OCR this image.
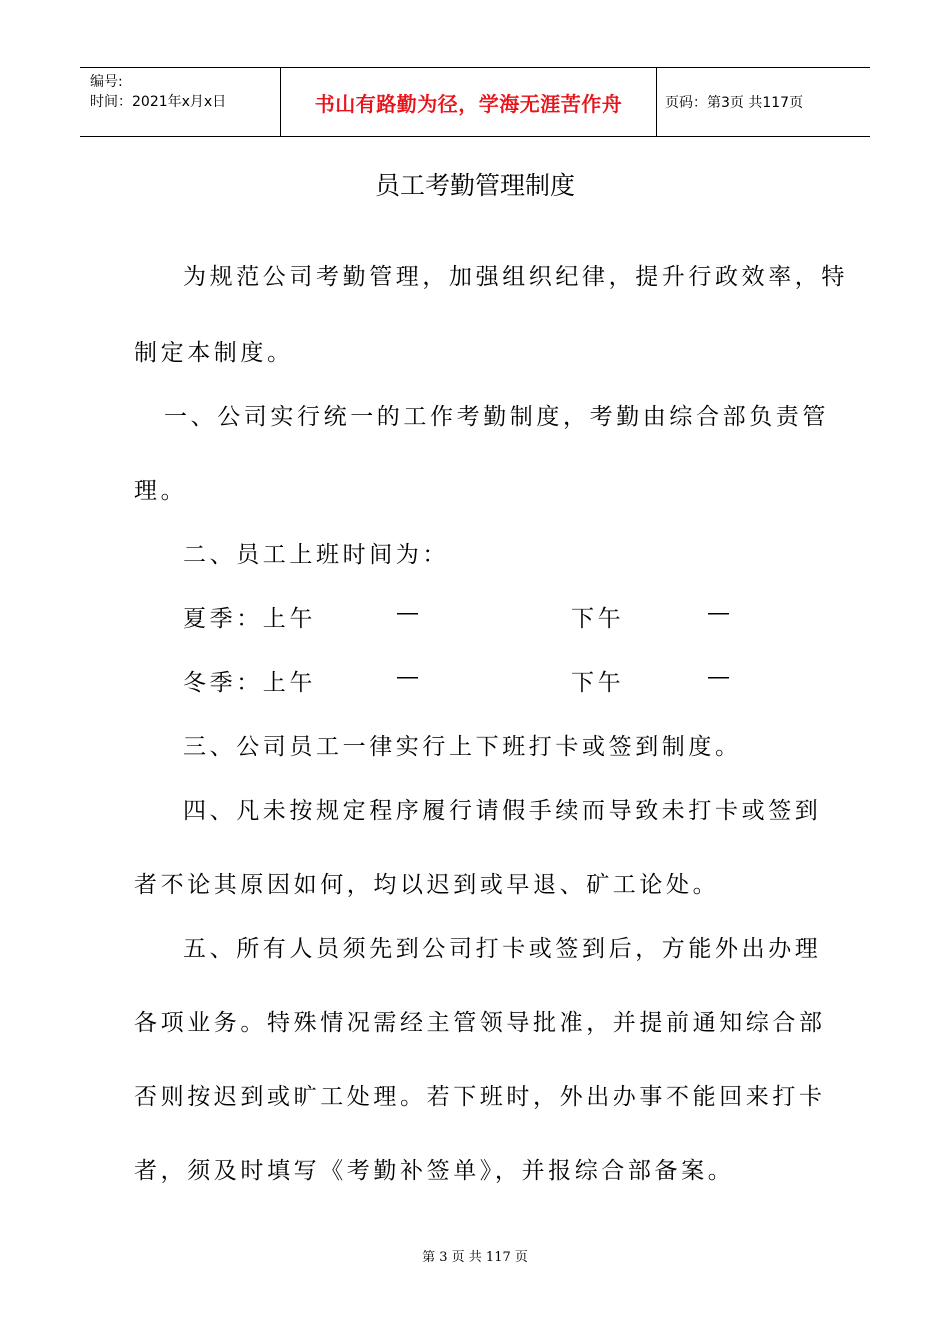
编号:
时间：2021年x月x日	书山有路勤为径，学海无涯苦作舟	页码：第3页 共117页
员工考勤管理制度
为规范公司考勤管理，加强组织纪律，提升行政效率，特
制定本制度。
一、公司实行统一的工作考勤制度，考勤由综合部负责管
理。
二、员工上班时间为：
夏季：上午	—	下午	—
冬季：上午	—	下午	—
三、公司员工一律实行上下班打卡或签到制度。
四、凡未按规定程序履行请假手续而导致未打卡或签到
者不论其原因如何，均以迟到或早退、矿工论处。
五、所有人员须先到公司打卡或签到后，方能外出办理
各项业务。特殊情况需经主管领导批准，并提前通知综合部
否则按迟到或旷工处理。若下班时，外出办事不能回来打卡
者，须及时填写《考勤补签单》，并报综合部备案。
第 3 页 共 117 页
